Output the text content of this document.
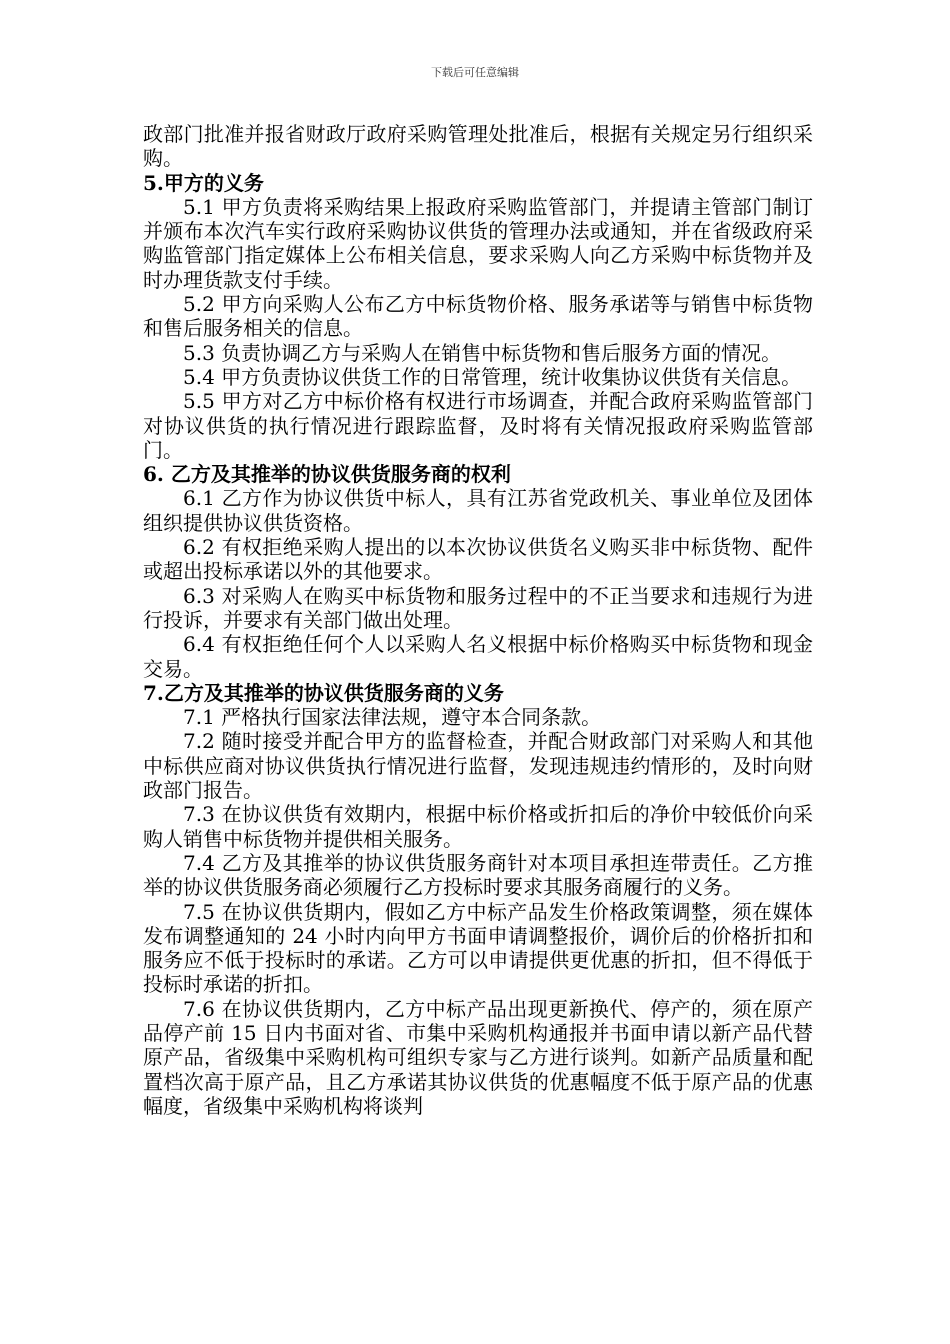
下载后可任意编辑

政部门批准并报省财政厅政府采购管理处批准后，根据有关规定另行组织采购。

5.甲方的义务

5.1 甲方负责将采购结果上报政府采购监管部门，并提请主管部门制订并颁布本次汽车实行政府采购协议供货的管理办法或通知，并在省级政府采购监管部门指定媒体上公布相关信息，要求采购人向乙方采购中标货物并及时办理货款支付手续。

5.2 甲方向采购人公布乙方中标货物价格、服务承诺等与销售中标货物和售后服务相关的信息。

5.3 负责协调乙方与采购人在销售中标货物和售后服务方面的情况。

5.4 甲方负责协议供货工作的日常管理，统计收集协议供货有关信息。

5.5 甲方对乙方中标价格有权进行市场调查，并配合政府采购监管部门对协议供货的执行情况进行跟踪监督，及时将有关情况报政府采购监管部门。

6. 乙方及其推举的协议供货服务商的权利

6.1 乙方作为协议供货中标人，具有江苏省党政机关、事业单位及团体组织提供协议供货资格。

6.2 有权拒绝采购人提出的以本次协议供货名义购买非中标货物、配件或超出投标承诺以外的其他要求。

6.3 对采购人在购买中标货物和服务过程中的不正当要求和违规行为进行投诉，并要求有关部门做出处理。

6.4 有权拒绝任何个人以采购人名义根据中标价格购买中标货物和现金交易。

7.乙方及其推举的协议供货服务商的义务

7.1 严格执行国家法律法规，遵守本合同条款。

7.2 随时接受并配合甲方的监督检查，并配合财政部门对采购人和其他中标供应商对协议供货执行情况进行监督，发现违规违约情形的，及时向财政部门报告。

7.3 在协议供货有效期内，根据中标价格或折扣后的净价中较低价向采购人销售中标货物并提供相关服务。

7.4 乙方及其推举的协议供货服务商针对本项目承担连带责任。乙方推举的协议供货服务商必须履行乙方投标时要求其服务商履行的义务。

7.5 在协议供货期内，假如乙方中标产品发生价格政策调整，须在媒体发布调整通知的 24 小时内向甲方书面申请调整报价，调价后的价格折扣和服务应不低于投标时的承诺。乙方可以申请提供更优惠的折扣，但不得低于投标时承诺的折扣。

7.6 在协议供货期内，乙方中标产品出现更新换代、停产的，须在原产品停产前 15 日内书面对省、市集中采购机构通报并书面申请以新产品代替原产品，省级集中采购机构可组织专家与乙方进行谈判。如新产品质量和配置档次高于原产品，且乙方承诺其协议供货的优惠幅度不低于原产品的优惠幅度，省级集中采购机构将谈判
